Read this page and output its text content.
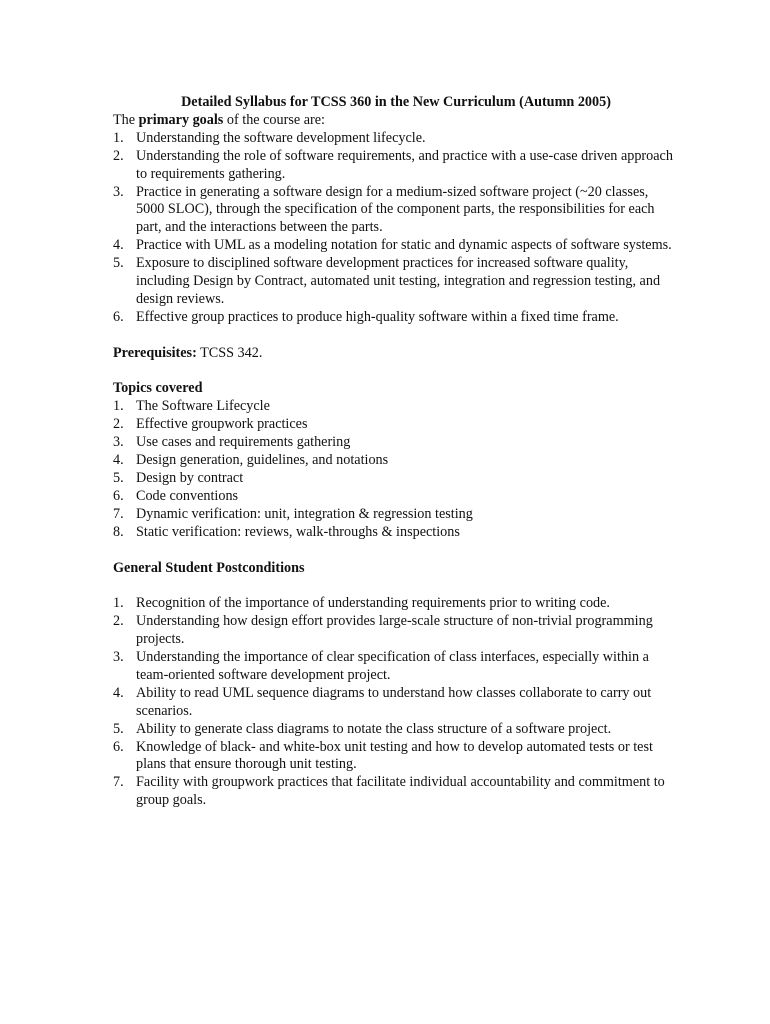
Detailed Syllabus for TCSS 360 in the New Curriculum (Autumn 2005)

The primary goals of the course are:

1. Understanding the software development lifecycle.
2. Understanding the role of software requirements, and practice with a use-case driven approach to requirements gathering.
3. Practice in generating a software design for a medium-sized software project (~20 classes, 5000 SLOC), through the specification of the component parts, the responsibilities for each part, and the interactions between the parts.
4. Practice with UML as a modeling notation for static and dynamic aspects of software systems.
5. Exposure to disciplined software development practices for increased software quality, including Design by Contract, automated unit testing, integration and regression testing, and design reviews.
6. Effective group practices to produce high-quality software within a fixed time frame.

Prerequisites: TCSS 342.

Topics covered

1. The Software Lifecycle
2. Effective groupwork practices
3. Use cases and requirements gathering
4. Design generation, guidelines, and notations
5. Design by contract
6. Code conventions
7. Dynamic verification: unit, integration & regression testing
8. Static verification: reviews, walk-throughs & inspections

General Student Postconditions

1. Recognition of the importance of understanding requirements prior to writing code.
2. Understanding how design effort provides large-scale structure of non-trivial programming projects.
3. Understanding the importance of clear specification of class interfaces, especially within a team-oriented software development project.
4. Ability to read UML sequence diagrams to understand how classes collaborate to carry out scenarios.
5. Ability to generate class diagrams to notate the class structure of a software project.
6. Knowledge of black- and white-box unit testing and how to develop automated tests or test plans that ensure thorough unit testing.
7. Facility with groupwork practices that facilitate individual accountability and commitment to group goals.
